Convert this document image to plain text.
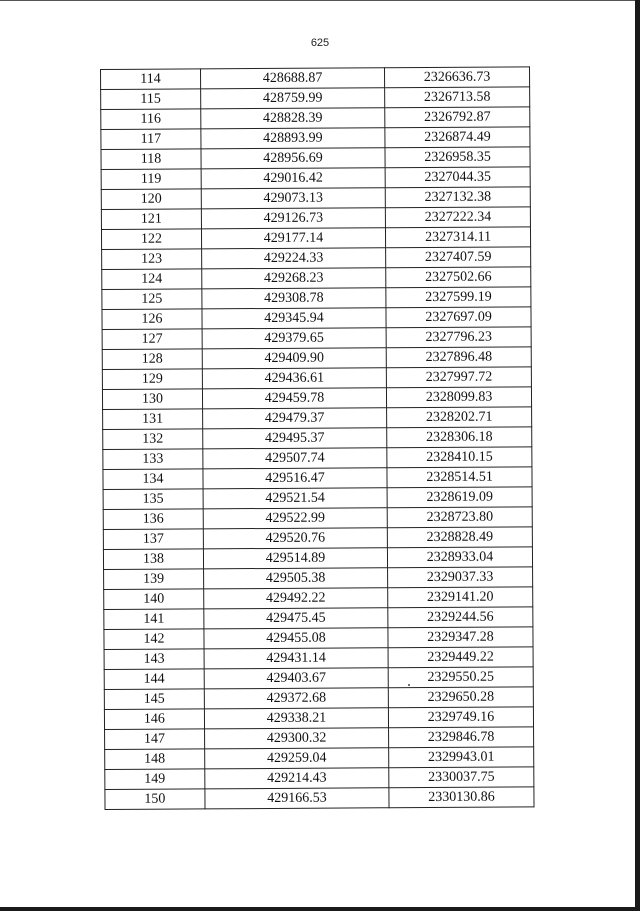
625
114	428688.87	2326636.73
115	428759.99	2326713.58
116	428828.39	2326792.87
117	428893.99	2326874.49
118	428956.69	2326958.35
119	429016.42	2327044.35
120	429073.13	2327132.38
121	429126.73	2327222.34
122	429177.14	2327314.11
123	429224.33	2327407.59
124	429268.23	2327502.66
125	429308.78	2327599.19
126	429345.94	2327697.09
127	429379.65	2327796.23
128	429409.90	2327896.48
129	429436.61	2327997.72
130	429459.78	2328099.83
131	429479.37	2328202.71
132	429495.37	2328306.18
133	429507.74	2328410.15
134	429516.47	2328514.51
135	429521.54	2328619.09
136	429522.99	2328723.80
137	429520.76	2328828.49
138	429514.89	2328933.04
139	429505.38	2329037.33
140	429492.22	2329141.20
141	429475.45	2329244.56
142	429455.08	2329347.28
143	429431.14	2329449.22
144	429403.67	2329550.25
145	429372.68	2329650.28
146	429338.21	2329749.16
147	429300.32	2329846.78
148	429259.04	2329943.01
149	429214.43	2330037.75
150	429166.53	2330130.86
